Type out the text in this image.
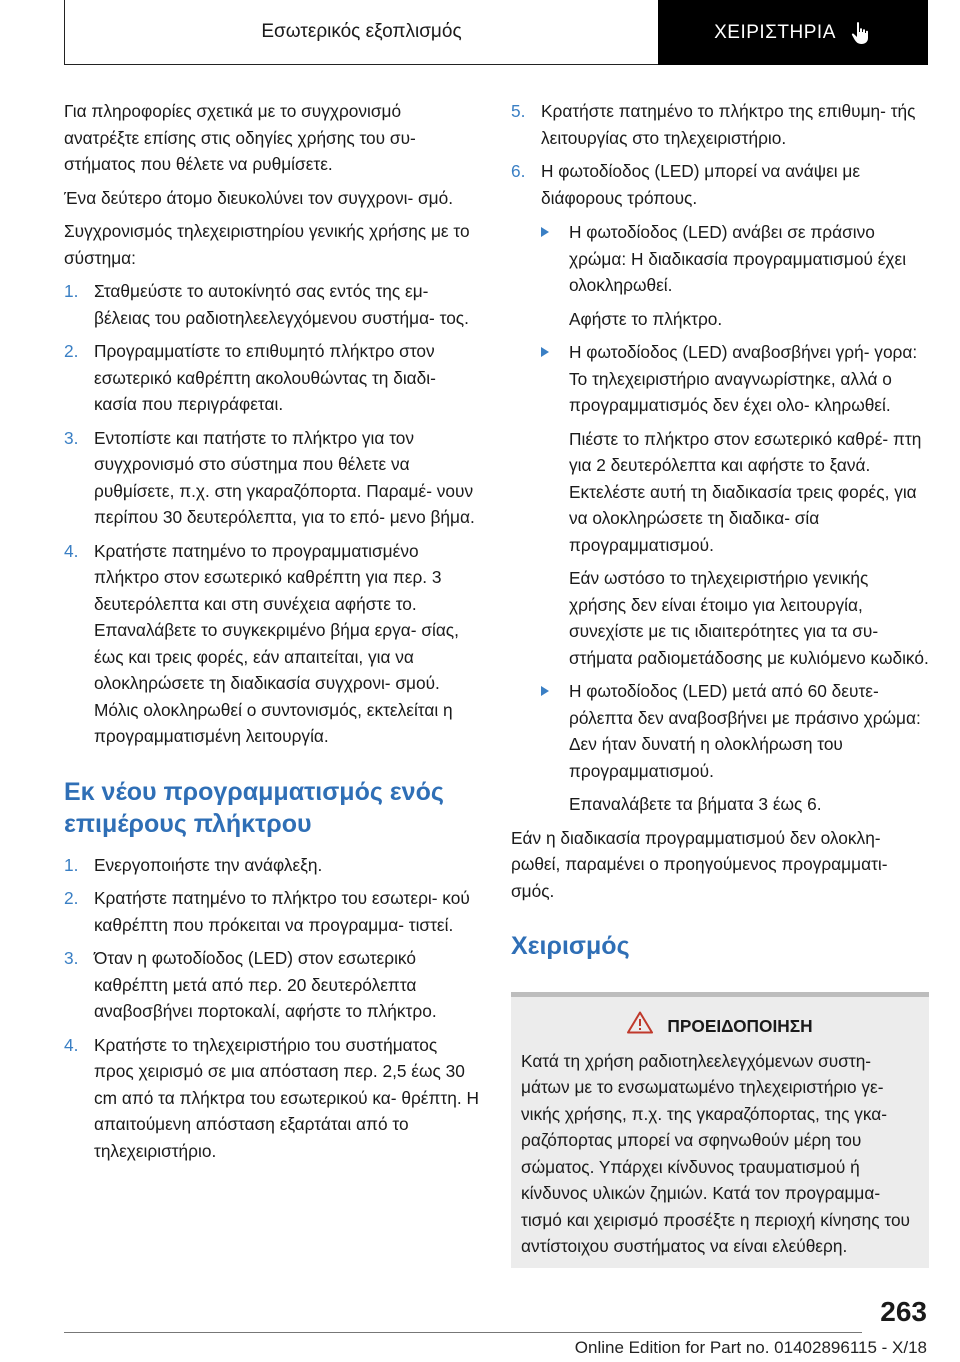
Εσωτερικός εξοπλισμός	ΧΕΙΡΙΣΤΗΡΙΑ

Για πληροφορίες σχετικά με το συγχρονισμό ανατρέξτε επίσης στις οδηγίες χρήσης του συ- στήματος που θέλετε να ρυθμίσετε.

Ένα δεύτερο άτομο διευκολύνει τον συγχρονι- σμό.

Συγχρονισμός τηλεχειριστηρίου γενικής χρήσης με το σύστημα:

1. Σταθμεύστε το αυτοκίνητό σας εντός της εμ- βέλειας του ραδιοτηλεελεγχόμενου συστήμα- τος.
2. Προγραμματίστε το επιθυμητό πλήκτρο στον εσωτερικό καθρέπτη ακολουθώντας τη διαδι- κασία που περιγράφεται.
3. Εντοπίστε και πατήστε το πλήκτρο για τον συγχρονισμό στο σύστημα που θέλετε να ρυθμίσετε, π.χ. στη γκαραζόπορτα. Παραμέ- νουν περίπου 30 δευτερόλεπτα, για το επό- μενο βήμα.
4. Κρατήστε πατημένο το προγραμματισμένο πλήκτρο στον εσωτερικό καθρέπτη για περ. 3 δευτερόλεπτα και στη συνέχεια αφήστε το. Επαναλάβετε το συγκεκριμένο βήμα εργα- σίας, έως και τρεις φορές, εάν απαιτείται, για να ολοκληρώσετε τη διαδικασία συγχρονι- σμού. Μόλις ολοκληρωθεί ο συντονισμός, εκτελείται η προγραμματισμένη λειτουργία.
Εκ νέου προγραμματισμός ενός επιμέρους πλήκτρου
1. Ενεργοποιήστε την ανάφλεξη.
2. Κρατήστε πατημένο το πλήκτρο του εσωτερι- κού καθρέπτη που πρόκειται να προγραμμα- τιστεί.
3. Όταν η φωτοδίοδος (LED) στον εσωτερικό καθρέπτη μετά από περ. 20 δευτερόλεπτα αναβοσβήνει πορτοκαλί, αφήστε το πλήκτρο.
4. Κρατήστε το τηλεχειριστήριο του συστήματος προς χειρισμό σε μια απόσταση περ. 2,5 έως 30 cm από τα πλήκτρα του εσωτερικού κα- θρέπτη. Η απαιτούμενη απόσταση εξαρτάται από το τηλεχειριστήριο.
5. Κρατήστε πατημένο το πλήκτρο της επιθυμη- τής λειτουργίας στο τηλεχειριστήριο.
6. Η φωτοδίοδος (LED) μπορεί να ανάψει με διάφορους τρόπους.
Η φωτοδίοδος (LED) ανάβει σε πράσινο χρώμα: Η διαδικασία προγραμματισμού έχει ολοκληρωθεί.
Αφήστε το πλήκτρο.
Η φωτοδίοδος (LED) αναβοσβήνει γρή- γορα: Το τηλεχειριστήριο αναγνωρίστηκε, αλλά ο προγραμματισμός δεν έχει ολο- κληρωθεί.
Πιέστε το πλήκτρο στον εσωτερικό καθρέ- πτη για 2 δευτερόλεπτα και αφήστε το ξανά. Εκτελέστε αυτή τη διαδικασία τρεις φορές, για να ολοκληρώσετε τη διαδικα- σία προγραμματισμού.
Εάν ωστόσο το τηλεχειριστήριο γενικής χρήσης δεν είναι έτοιμο για λειτουργία, συνεχίστε με τις ιδιαιτερότητες για τα συ- στήματα ραδιομετάδοσης με κυλιόμενο κωδικό.
Η φωτοδίοδος (LED) μετά από 60 δευτε- ρόλεπτα δεν αναβοσβήνει με πράσινο χρώμα: Δεν ήταν δυνατή η ολοκλήρωση του προγραμματισμού.
Επαναλάβετε τα βήματα 3 έως 6.

Εάν η διαδικασία προγραμματισμού δεν ολοκλη- ρωθεί, παραμένει ο προηγούμενος προγραμματι- σμός.

Χειρισμός
ΠΡΟΕΙΔΟΠΟΙΗΣΗ

Κατά τη χρήση ραδιοτηλεελεγχόμενων συστη- μάτων με το ενσωματωμένο τηλεχειριστήριο γε- νικής χρήσης, π.χ. της γκαραζόπορτας, της γκα- ραζόπορτας μπορεί να σφηνωθούν μέρη του σώματος. Υπάρχει κίνδυνος τραυματισμού ή κίνδυνος υλικών ζημιών. Κατά τον προγραμμα- τισμό και χειρισμό προσέξτε η περιοχή κίνησης του αντίστοιχου συστήματος να είναι ελεύθερη.

263
Online Edition for Part no. 01402896115 - X/18
